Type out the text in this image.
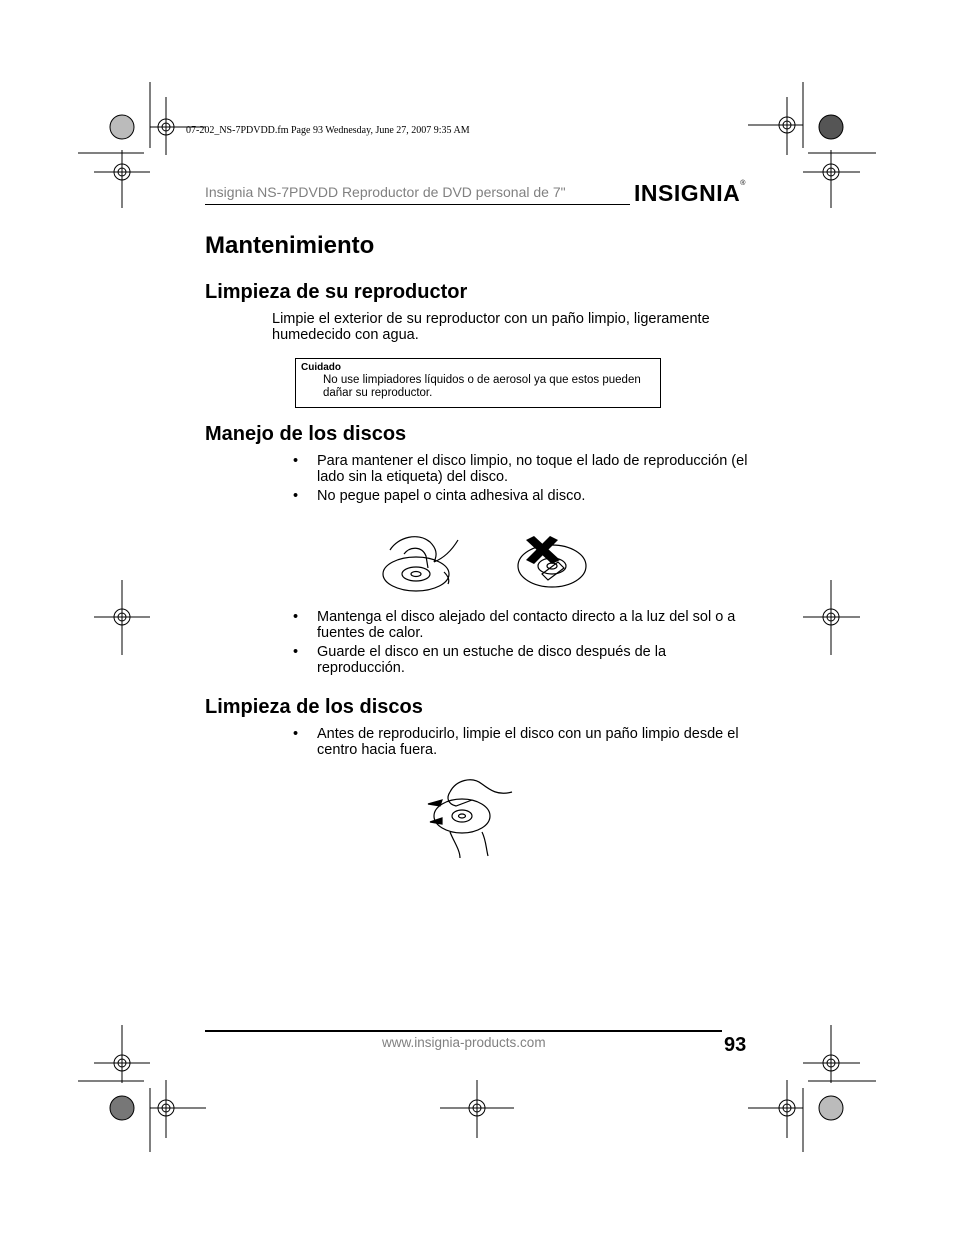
07-202_NS-7PDVDD.fm Page 93 Wednesday, June 27, 2007 9:35 AM
Insignia NS-7PDVDD Reproductor de DVD personal de 7"	INSIGNIA®
Mantenimiento
Limpieza de su reproductor
Limpie el exterior de su reproductor con un paño limpio, ligeramente humedecido con agua.
Cuidado
No use limpiadores líquidos o de aerosol ya que estos pueden dañar su reproductor.
Manejo de los discos
• Para mantener el disco limpio, no toque el lado de reproducción (el lado sin la etiqueta) del disco.
• No pegue papel o cinta adhesiva al disco.
• Mantenga el disco alejado del contacto directo a la luz del sol o a fuentes de calor.
• Guarde el disco en un estuche de disco después de la reproducción.
Limpieza de los discos
• Antes de reproducirlo, limpie el disco con un paño limpio desde el centro hacia fuera.
www.insignia-products.com	93
